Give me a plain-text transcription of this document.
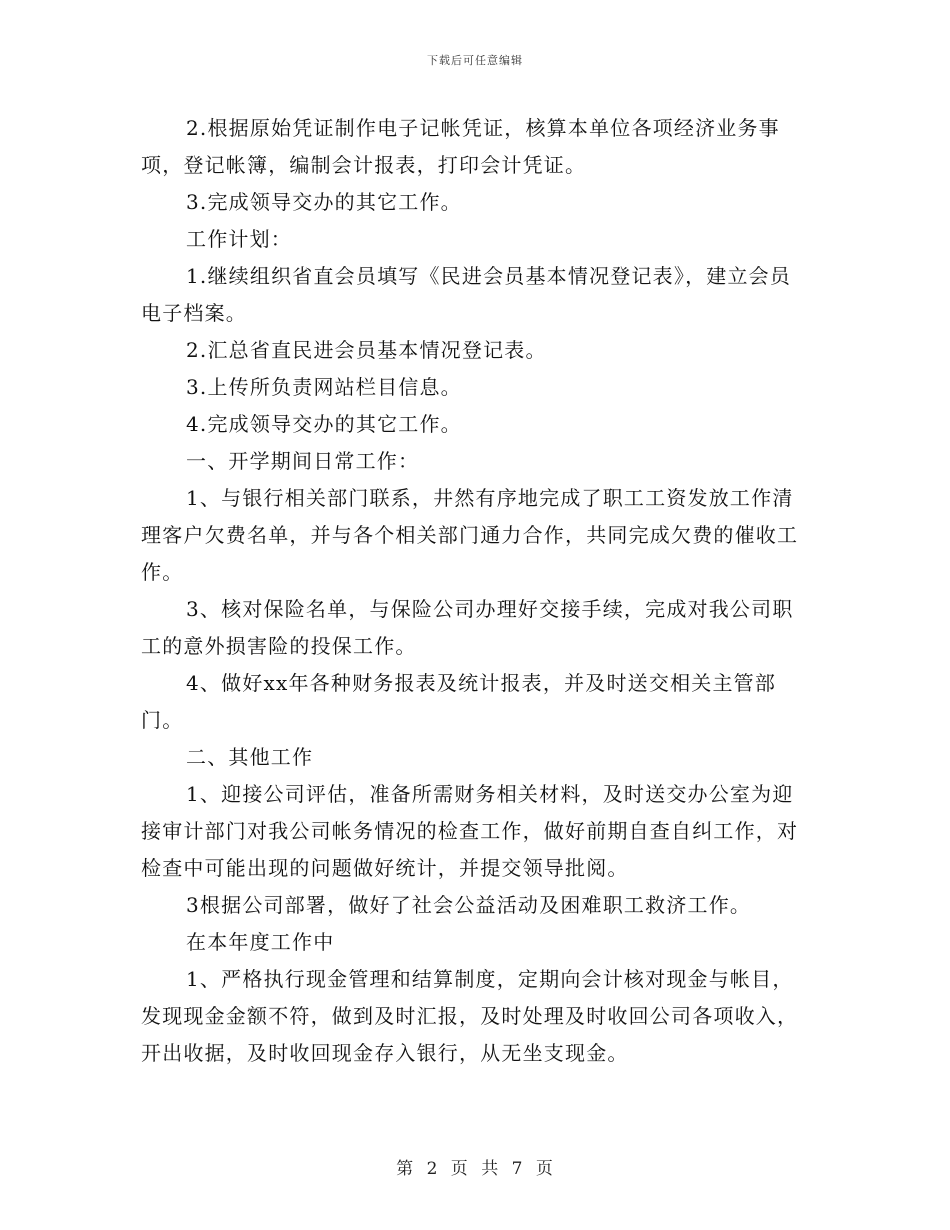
下载后可任意编辑

2.根据原始凭证制作电子记帐凭证，核算本单位各项经济业务事项，登记帐簿，编制会计报表，打印会计凭证。

3.完成领导交办的其它工作。

工作计划：

1.继续组织省直会员填写《民进会员基本情况登记表》，建立会员电子档案。

2.汇总省直民进会员基本情况登记表。

3.上传所负责网站栏目信息。

4.完成领导交办的其它工作。

一、开学期间日常工作：

1、与银行相关部门联系，井然有序地完成了职工工资发放工作清理客户欠费名单，并与各个相关部门通力合作，共同完成欠费的催收工作。

3、核对保险名单，与保险公司办理好交接手续，完成对我公司职工的意外损害险的投保工作。

4、做好xx年各种财务报表及统计报表，并及时送交相关主管部门。

二、其他工作

1、迎接公司评估，准备所需财务相关材料，及时送交办公室为迎接审计部门对我公司帐务情况的检查工作，做好前期自查自纠工作，对检查中可能出现的问题做好统计，并提交领导批阅。

3根据公司部署，做好了社会公益活动及困难职工救济工作。

在本年度工作中

1、严格执行现金管理和结算制度，定期向会计核对现金与帐目，发现现金金额不符，做到及时汇报，及时处理及时收回公司各项收入，开出收据，及时收回现金存入银行，从无坐支现金。

第 2 页 共 7 页
